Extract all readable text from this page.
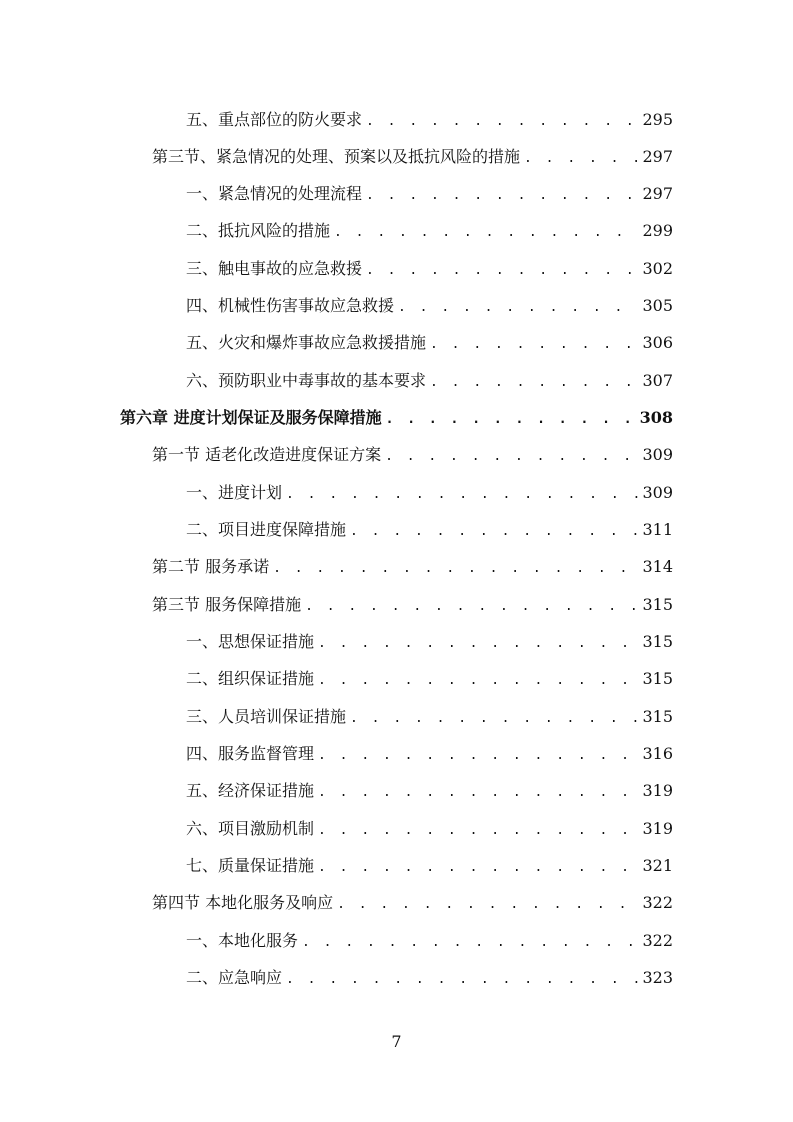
五、重点部位的防火要求 . . .	295
第三节、紧急情况的处理、预案以及抵抗风险的措施 . . .	297
一、紧急情况的处理流程 . . .	297
二、抵抗风险的措施 . . .	299
三、触电事故的应急救援 . . .	302
四、机械性伤害事故应急救援 . . .	305
五、火灾和爆炸事故应急救援措施 . . .	306
六、预防职业中毒事故的基本要求 . . .	307
第六章 进度计划保证及服务保障措施 . . .	308
第一节 适老化改造进度保证方案 . . .	309
一、进度计划 . . .	309
二、项目进度保障措施 . . .	311
第二节 服务承诺 . . .	314
第三节 服务保障措施 . . .	315
一、思想保证措施 . . .	315
二、组织保证措施 . . .	315
三、人员培训保证措施 . . .	315
四、服务监督管理 . . .	316
五、经济保证措施 . . .	319
六、项目激励机制 . . .	319
七、质量保证措施 . . .	321
第四节 本地化服务及响应 . . .	322
一、本地化服务 . . .	322
二、应急响应 . . .	323
7
